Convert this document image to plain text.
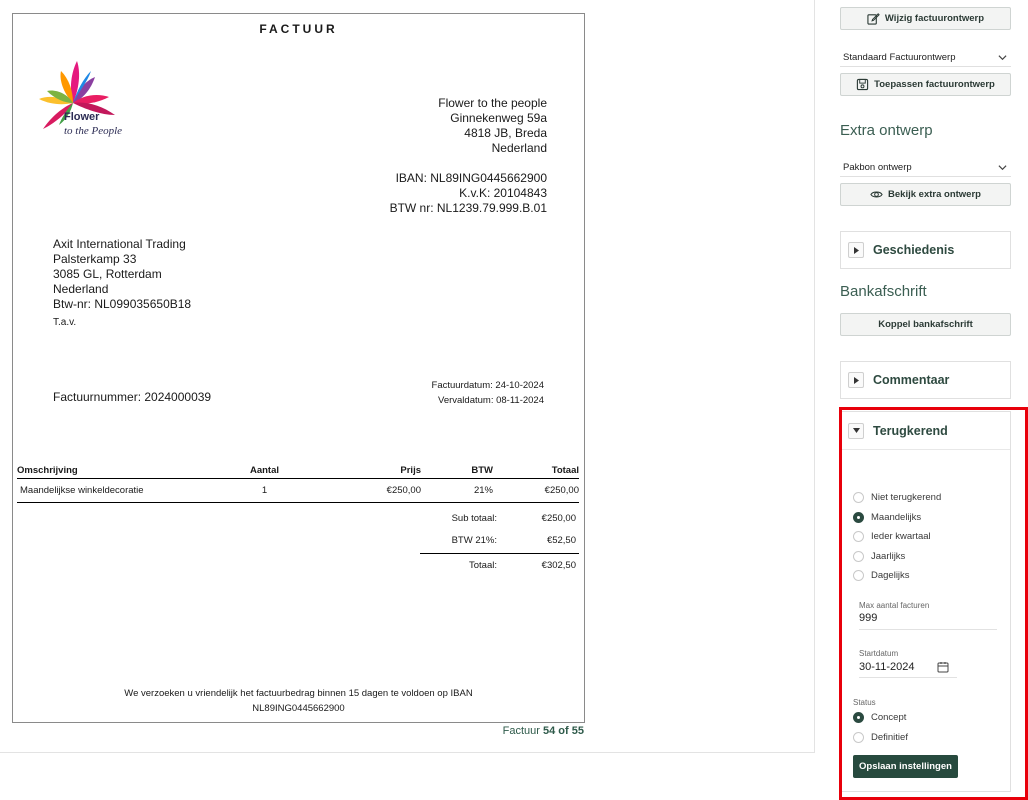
FACTUUR
Flower
to the People
Flower to the people
Ginnekenweg 59a
4818 JB, Breda
Nederland
IBAN: NL89ING0445662900
K.v.K: 20104843
BTW nr: NL1239.79.999.B.01
Axit International Trading
Palsterkamp 33
3085 GL, Rotterdam
Nederland
Btw-nr: NL099035650B18
T.a.v.
Factuurnummer: 2024000039
Factuurdatum: 24-10-2024
Vervaldatum: 08-11-2024
Omschrijving	Aantal	Prijs	BTW	Totaal
Maandelijkse winkeldecoratie	1	€250,00	21%	€250,00
Sub totaal:	€250,00
BTW 21%:	€52,50
Totaal:	€302,50
We verzoeken u vriendelijk het factuurbedrag binnen 15 dagen te voldoen op IBAN
NL89ING0445662900
Factuur 54 of 55
Wijzig factuurontwerp
Standaard Factuurontwerp
Toepassen factuurontwerp
Extra ontwerp
Pakbon ontwerp
Bekijk extra ontwerp
Geschiedenis
Bankafschrift
Koppel bankafschrift
Commentaar
Terugkerend
Niet terugkerend
Maandelijks
Ieder kwartaal
Jaarlijks
Dagelijks
Max aantal facturen
999
Startdatum
30-11-2024
Status
Concept
Definitief
Opslaan instellingen
